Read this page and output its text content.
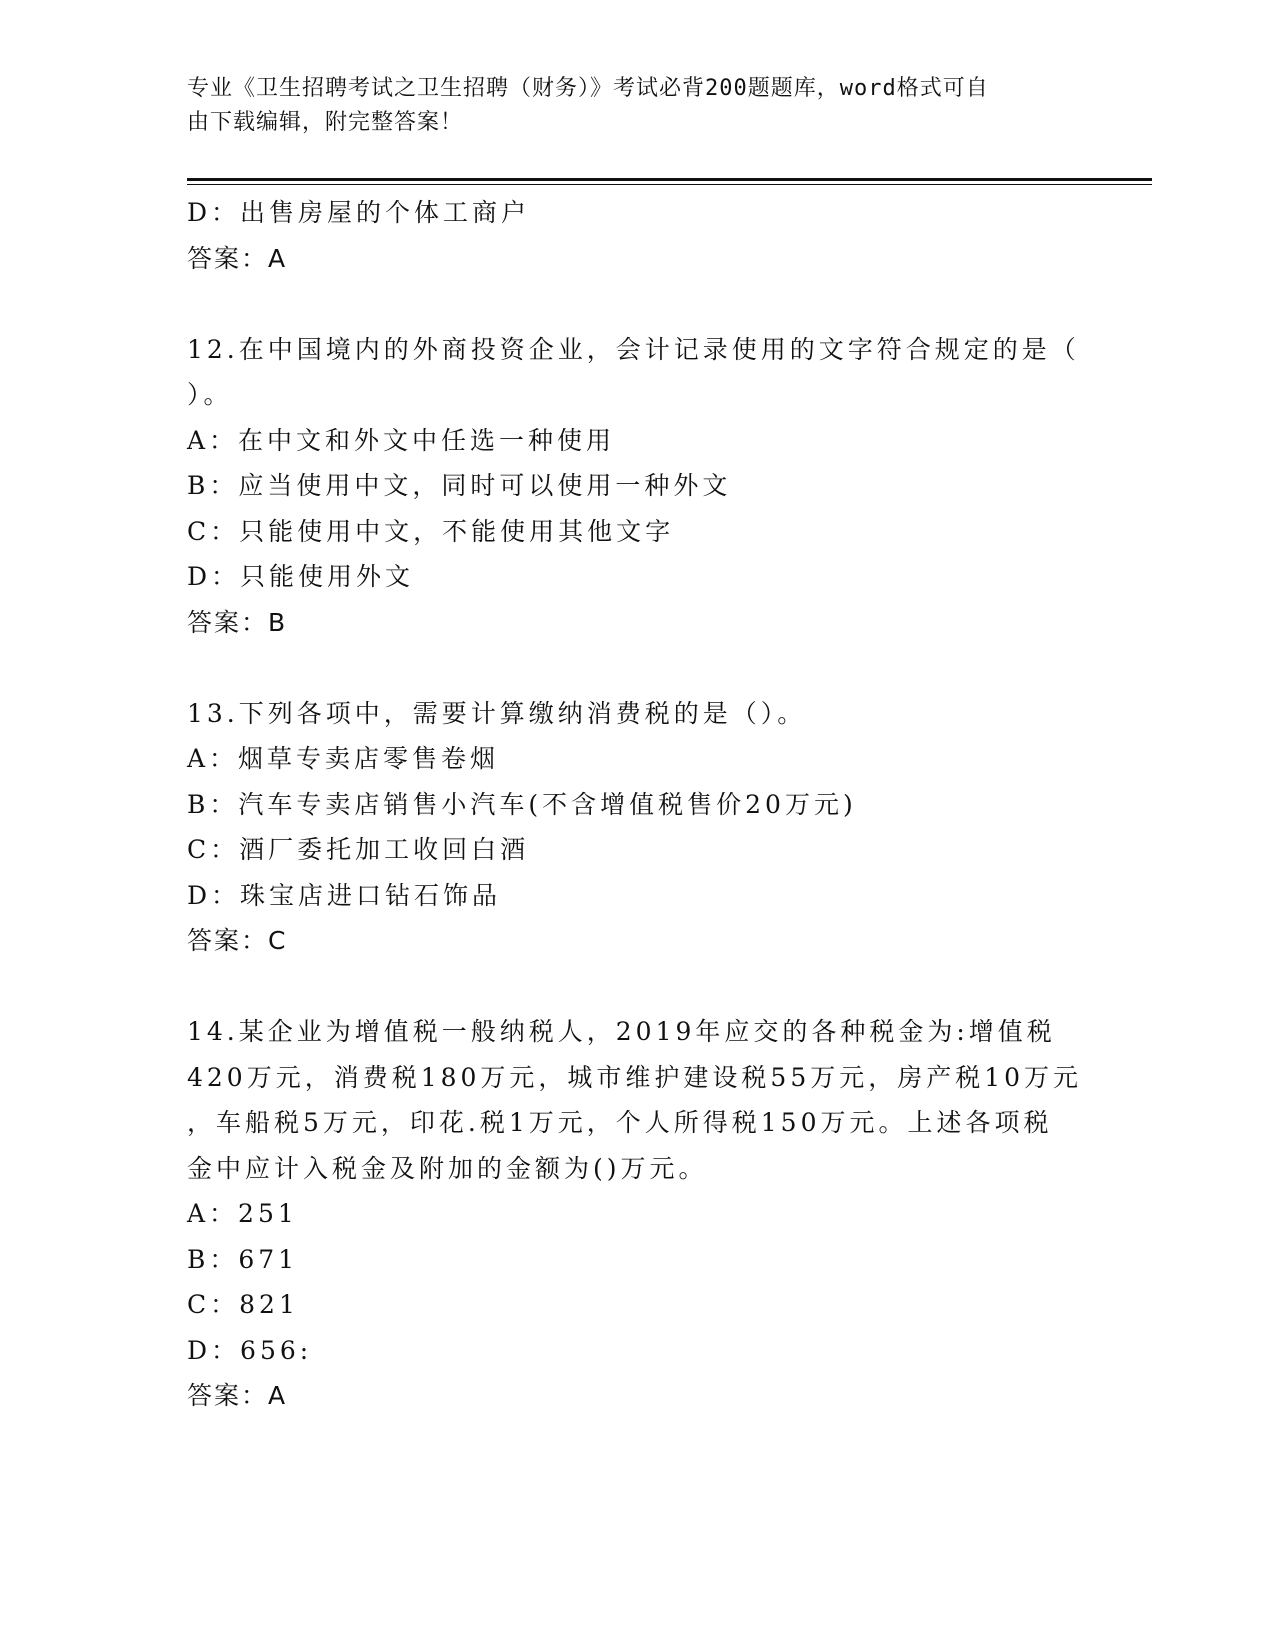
专业《卫生招聘考试之卫生招聘（财务）》考试必背200题题库，word格式可自
由下载编辑，附完整答案！
D：出售房屋的个体工商户
答案：A
12.在中国境内的外商投资企业，会计记录使用的文字符合规定的是（
）。
A：在中文和外文中任选一种使用
B：应当使用中文，同时可以使用一种外文
C：只能使用中文，不能使用其他文字
D：只能使用外文
答案：B
13.下列各项中，需要计算缴纳消费税的是（）。
A：烟草专卖店零售卷烟
B：汽车专卖店销售小汽车(不含增值税售价20万元)
C：酒厂委托加工收回白酒
D：珠宝店进口钻石饰品
答案：C
14.某企业为增值税一般纳税人，2019年应交的各种税金为:增值税
420万元，消费税180万元，城市维护建设税55万元，房产税10万元
，车船税5万元，印花.税1万元，个人所得税150万元。上述各项税
金中应计入税金及附加的金额为()万元。
A：251
B：671
C：821
D：656:
答案：A
